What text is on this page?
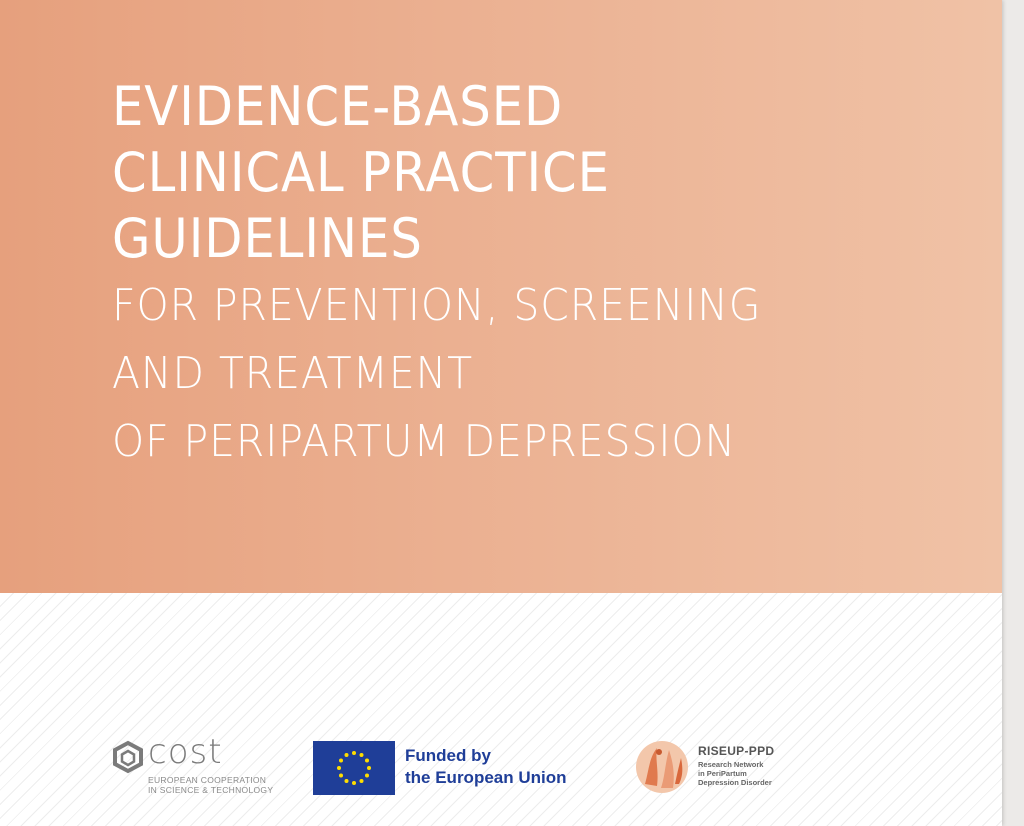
EVIDENCE-BASED
CLINICAL PRACTICE
GUIDELINES
FOR PREVENTION, SCREENING
AND TREATMENT
OF PERIPARTUM DEPRESSION
cost
EUROPEAN COOPERATION
IN SCIENCE & TECHNOLOGY
Funded by
the European Union
RISEUP-PPD
Research Network
in PeriPartum
Depression Disorder
